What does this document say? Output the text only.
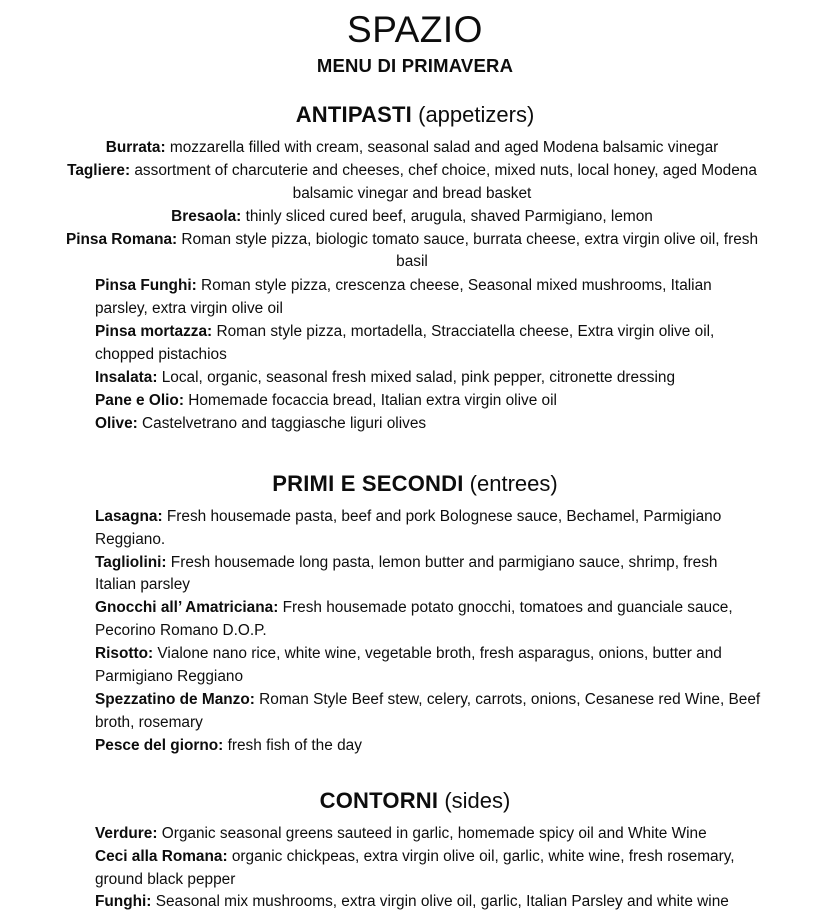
SPAZIO
MENU DI PRIMAVERA
ANTIPASTI (appetizers)

Burrata: mozzarella filled with cream, seasonal salad and aged Modena balsamic vinegar

Tagliere: assortment of charcuterie and cheeses, chef choice, mixed nuts, local honey, aged Modena balsamic vinegar and bread basket

Bresaola: thinly sliced cured beef, arugula, shaved Parmigiano, lemon

Pinsa Romana: Roman style pizza, biologic tomato sauce, burrata cheese, extra virgin olive oil, fresh basil

Pinsa Funghi: Roman style pizza, crescenza cheese, Seasonal mixed mushrooms, Italian parsley, extra virgin olive oil

Pinsa mortazza: Roman style pizza, mortadella, Stracciatella cheese, Extra virgin olive oil, chopped pistachios

Insalata: Local, organic, seasonal fresh mixed salad, pink pepper, citronette dressing

Pane e Olio: Homemade focaccia bread, Italian extra virgin olive oil

Olive: Castelvetrano and taggiasche liguri olives

PRIMI E SECONDI (entrees)

Lasagna: Fresh housemade pasta, beef and pork Bolognese sauce, Bechamel, Parmigiano Reggiano.

Tagliolini: Fresh housemade long pasta, lemon butter and parmigiano sauce, shrimp, fresh Italian parsley

Gnocchi all’ Amatriciana: Fresh housemade potato gnocchi, tomatoes and guanciale sauce, Pecorino Romano D.O.P.

Risotto: Vialone nano rice, white wine, vegetable broth, fresh asparagus, onions, butter and Parmigiano Reggiano

Spezzatino de Manzo: Roman Style Beef stew, celery, carrots, onions, Cesanese red Wine, Beef broth, rosemary

Pesce del giorno: fresh fish of the day

CONTORNI (sides)

Verdure: Organic seasonal greens sauteed in garlic, homemade spicy oil and White Wine

Ceci alla Romana: organic chickpeas, extra virgin olive oil, garlic, white wine, fresh rosemary, ground black pepper

Funghi: Seasonal mix mushrooms, extra virgin olive oil, garlic, Italian Parsley and white wine
